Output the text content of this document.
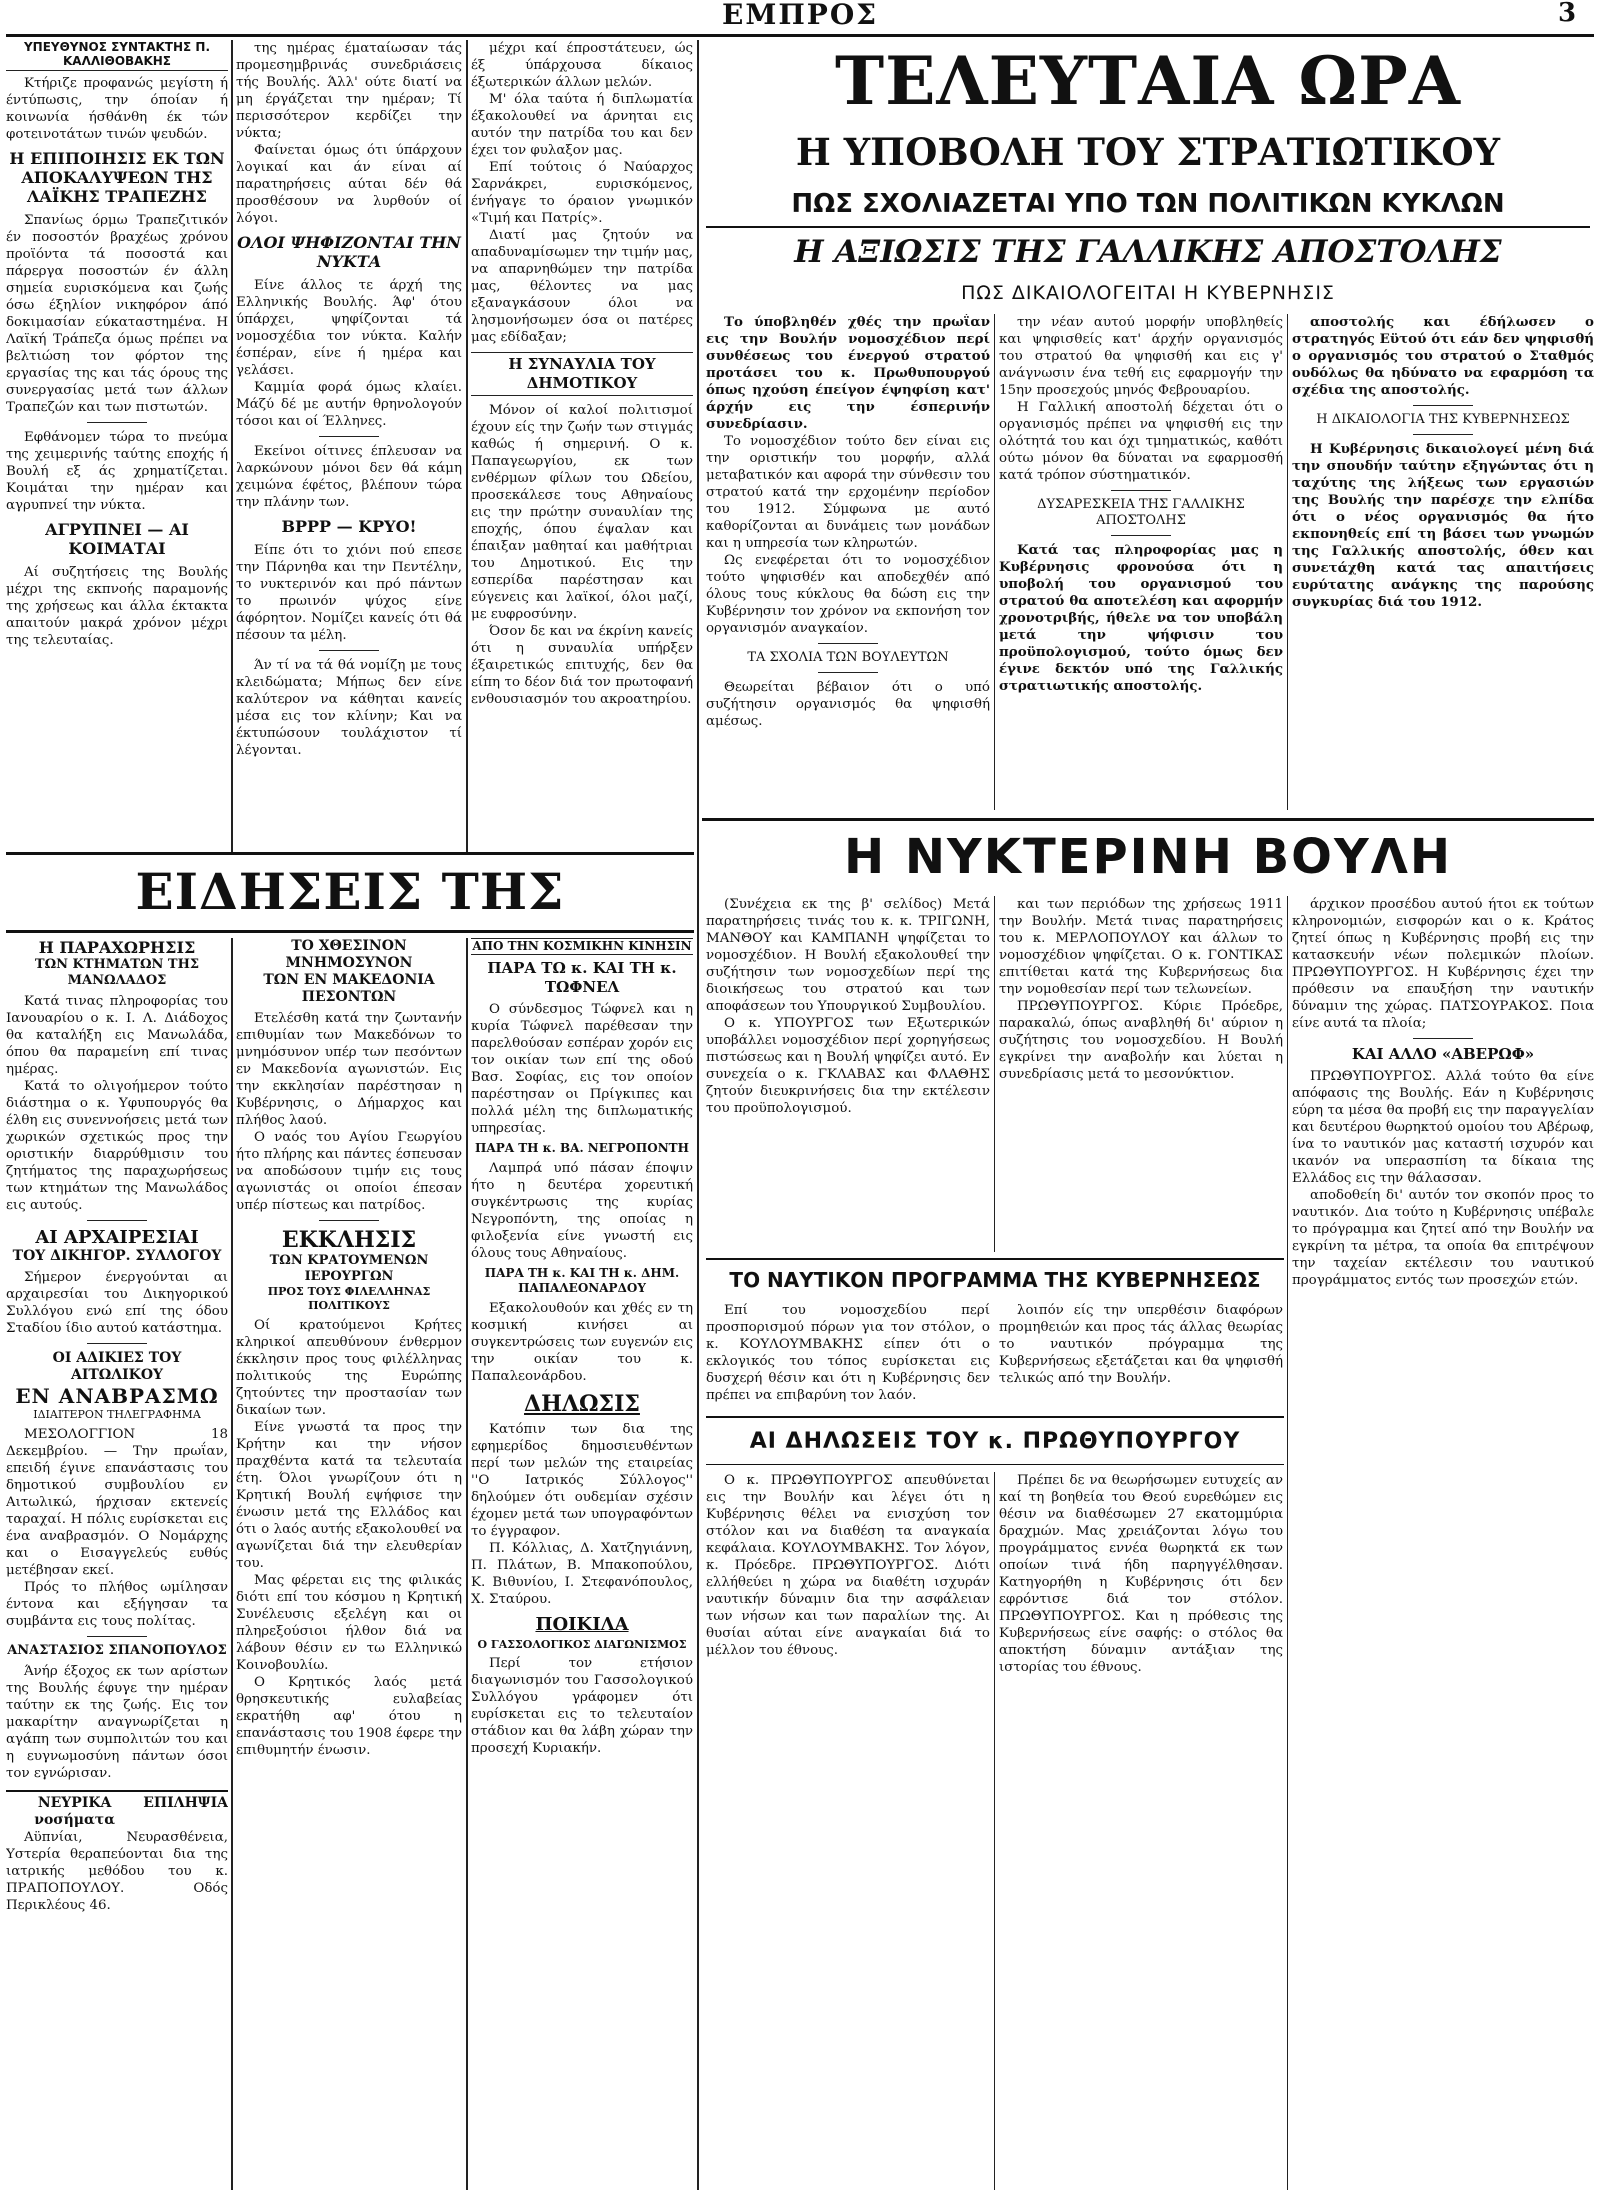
ΕΜΠΡΟΣ	3
ΥΠΕΥΘΥΝΟΣ ΣΥΝΤΑΚΤΗΣ Π. ΚΑΛΛΙΘΟΒΑΚΗΣ

Κτήριζε προφανώς μεγίστη ή έντύπωσις, την όποίαν ή κοινωνία ήσθάνθη έκ τών φοτεινοτάτων τινών ψευδών.

Η ΕΠΙΠΟΙΗΣΙΣ ΕΚ ΤΩΝ ΑΠΟΚΑΛΥΨΕΩΝ ΤΗΣ ΛΑΪΚΗΣ ΤΡΑΠΕΖΗΣ

Σπανίως όρμω Τραπεζιτικόν έν ποσοστόν βραχέως χρόνου προϊόντα τά ποσοστά και πάρεργα ποσοστών έν άλλη σημεία ευρισκόμενα και ζωής όσω έξηλίον νικηφόρον άπό δοκιμασίαν εύκαταστημένα. Η Λαϊκή Τράπεζα όμως πρέπει να βελτιώση τον φόρτον της εργασίας της και τάς όρους της συνεργασίας μετά των άλλων Τραπεζών και των πιστωτών.

Εφθάνομεν τώρα το πνεύμα της χειμερινής ταύτης εποχής ή Βουλή εξ άς χρηματίζεται. Κοιμάται την ημέραν και αγρυπνεί την νύκτα.

ΑΓΡΥΠΝΕΙ — ΑΙ ΚΟΙΜΑΤΑΙ

Αί συζητήσεις της Βουλής μέχρι της εκπνοής παραμονής της χρήσεως και άλλα έκτακτα απαιτούν μακρά χρόνον μέχρι της τελευταίας.

της ημέρας έματαίωσαν τάς προμεσημβρινάς συνεδριάσεις τής Βουλής. Άλλ' ούτε διατί να μη έργάζεται την ημέραν; Τί περισσότερον κερδίζει την νύκτα;

Φαίνεται όμως ότι ύπάρχουν λογικαί και άν είναι αί παρατηρήσεις αύται δέν θά προσθέσουν να λυρθούν οί λόγοι.

ΟΛΟΙ ΨΗΦΙΖΟΝΤΑΙ ΤΗΝ ΝΥΚΤΑ

Είνε άλλος τε άρχή της Ελληνικής Βουλής. Άφ' ότου ύπάρχει, ψηφίζονται τά νομοσχέδια τον νύκτα. Καλήν έσπέραν, είνε ή ημέρα και γελάσει.

Καμμία φορά όμως κλαίει. Μάζύ δέ με αυτήν θρηνολογούν τόσοι και οί Έλληνες.

Εκείνοι οίτινες έπλευσαν να λαρκώνουν μόνοι δεν θά κάμη χειμώνα έφέτος, βλέπουν τώρα την πλάνην των.

ΒΡΡΡ — ΚΡΥΟ!

Είπε ότι το χιόνι πού επεσε την Πάρνηθα και την Πεντέλην, το νυκτερινόν και πρό πάντων το πρωινόν ψύχος είνε άφόρητον. Νομίζει κανείς ότι θά πέσουν τα μέλη.

Άν τί να τά θά νομίζη με τους κλειδώματα; Μήπως δεν είνε καλύτερον να κάθηται κανείς μέσα εις τον κλίνην; Και να έκτυπώσουν τουλάχιστον τί λέγονται.

μέχρι καί έπροστάτευεν, ώς έξ ύπάρχουσα δίκαιος έξωτερικών άλλων μελών.

Μ' όλα ταύτα ή διπλωματία έξακολουθεί να άρνηται εις αυτόν την πατρίδα του και δεν έχει τον φυλαξον μας.

Επί τούτοις ό Ναύαρχος Σαρνάκρει, ευρισκόμενος, ένήγαγε το όραιον γνωμικόν «Τιμή και Πατρίς».

Διατί μας ζητούν να απαδυναμίσωμεν την τιμήν μας, να απαρνηθώμεν την πατρίδα μας, θέλοντες να μας εξαναγκάσουν όλοι να λησμονήσωμεν όσα οι πατέρες μας εδίδαξαν;

Η ΣΥΝΑΥΛΙΑ ΤΟΥ ΔΗΜΟΤΙΚΟΥ

Μόνον οί καλοί πολιτισμοί έχουν είς την ζωήν των στιγμάς καθώς ή σημερινή. Ο κ. Παπαγεωργίου, εκ των ενθέρμων φίλων του Ωδείου, προσεκάλεσε τους Αθηναίους εις την πρώτην συναυλίαν της εποχής, όπου έψαλαν και έπαιξαν μαθηταί και μαθήτριαι του Δημοτικού. Εις την εσπερίδα παρέστησαν και εύγενεις και λαϊκοί, όλοι μαζί, με ευφροσύνην.

Όσον δε και να έκρίνη κανείς ότι η συναυλία υπήρξεν έξαιρετικώς επιτυχής, δεν θα είπη το δέον διά τον πρωτοφανή ενθουσιασμόν του ακροατηρίου.

ΕΙΔΗΣΕΙΣ ΤΗΣ
Η ΠΑΡΑΧΩΡΗΣΙΣ
ΤΩΝ ΚΤΗΜΑΤΩΝ ΤΗΣ ΜΑΝΩΛΑΔΟΣ

Κατά τινας πληροφορίας του Ιανουαρίου ο κ. Ι. Λ. Διάδοχος θα καταλήξη εις Μανωλάδα, όπου θα παραμείνη επί τινας ημέρας.

Κατά το ολιγοήμερον τούτο διάστημα ο κ. Υφυπουργός θα έλθη εις συνεννοήσεις μετά των χωρικών σχετικώς προς την οριστικήν διαρρύθμισιν του ζητήματος της παραχωρήσεως των κτημάτων της Μανωλάδος εις αυτούς.

ΑΙ ΑΡΧΑΙΡΕΣΙΑΙ
ΤΟΥ ΔΙΚΗΓΟΡ. ΣΥΛΛΟΓΟΥ

Σήμερον ένεργούνται αι αρχαιρεσίαι του Δικηγορικού Συλλόγου ενώ επί της όδου Σταδίου ίδιο αυτού κατάστημα.

ΟΙ ΑΔΙΚΙΕΣ ΤΟΥ ΑΙΤΩΛΙΚΟΥ
ΕΝ ΑΝΑΒΡΑΣΜΩ
ΙΔΙΑΙΤΕΡΟΝ ΤΗΛΕΓΡΑΦΗΜΑ

ΜΕΣΟΛΟΓΓΙΟΝ 18 Δεκεμβρίου. — Την πρωΐαν, επειδή έγινε επανάστασις του δημοτικού συμβουλίου εν Αιτωλικώ, ήρχισαν εκτενείς ταραχαί. Η πόλις ευρίσκεται εις ένα αναβρασμόν. Ο Νομάρχης και ο Εισαγγελεύς ευθύς μετέβησαν εκεί.

Πρός το πλήθος ωμίλησαν έντονα και εξήγησαν τα συμβάντα εις τους πολίτας.

ΑΝΑΣΤΑΣΙΟΣ ΣΠΑΝΟΠΟΥΛΟΣ

Άνήρ έξοχος εκ των αρίστων της Βουλής έφυγε την ημέραν ταύτην εκ της ζωής. Εις τον μακαρίτην αναγνωρίζεται η αγάπη των συμπολιτών του και η ευγνωμοσύνη πάντων όσοι τον εγνώρισαν.

ΝΕΥΡΙΚΑ νοσήματα
ΕΠΙΛΗΨΙΑ

Αϋπνίαι, Νευρασθένεια, Υστερία θεραπεύονται δια της ιατρικής μεθόδου του κ. ΠΡΑΠΟΠΟΥΛΟΥ. Οδός Περικλέους 46.

ΤΟ ΧΘΕΣΙΝΟΝ ΜΝΗΜΟΣΥΝΟΝ
ΤΩΝ ΕΝ ΜΑΚΕΔΟΝΙΑ ΠΕΣΟΝΤΩΝ

Ετελέσθη κατά την ζωντανήν επιθυμίαν των Μακεδόνων το μνημόσυνον υπέρ των πεσόντων εν Μακεδονία αγωνιστών. Εις την εκκλησίαν παρέστησαν η Κυβέρνησις, ο Δήμαρχος και πλήθος λαού.

Ο ναός του Αγίου Γεωργίου ήτο πλήρης και πάντες έσπευσαν να αποδώσουν τιμήν εις τους αγωνιστάς οι οποίοι έπεσαν υπέρ πίστεως και πατρίδος.

ΕΚΚΛΗΣΙΣ
ΤΩΝ ΚΡΑΤΟΥΜΕΝΩΝ ΙΕΡΟΥΡΓΩΝ
ΠΡΟΣ ΤΟΥΣ ΦΙΛΕΛΛΗΝΑΣ ΠΟΛΙΤΙΚΟΥΣ

Οί κρατούμενοι Κρήτες κληρικοί απευθύνουν ένθερμον έκκλησιν προς τους φιλέλληνας πολιτικούς της Ευρώπης ζητούντες την προστασίαν των δικαίων των.

Είνε γνωστά τα προς την Κρήτην και την νήσον πραχθέντα κατά τα τελευταία έτη. Όλοι γνωρίζουν ότι η Κρητική Βουλή εψήφισε την ένωσιν μετά της Ελλάδος και ότι ο λαός αυτής εξακολουθεί να αγωνίζεται διά την ελευθερίαν του.

Μας φέρεται εις της φιλικάς διότι επί του κόσμου η Κρητική Συνέλευσις εξελέγη και οι πληρεξούσιοι ήλθον διά να λάβουν θέσιν εν τω Ελληνικώ Κοινοβουλίω.

Ο Κρητικός λαός μετά θρησκευτικής ευλαβείας εκρατήθη αφ' ότου η επανάστασις του 1908 έφερε την επιθυμητήν ένωσιν.

ΑΠΟ ΤΗΝ ΚΟΣΜΙΚΗΝ ΚΙΝΗΣΙΝ
ΠΑΡΑ ΤΩ κ. ΚΑΙ ΤΗ κ. ΤΩΦΝΕΛ

Ο σύνδεσμος Τώφνελ και η κυρία Τώφνελ παρέθεσαν την παρελθούσαν εσπέραν χορόν εις τον οικίαν των επί της οδού Βασ. Σοφίας, εις τον οποίον παρέστησαν οι Πρίγκιπες και πολλά μέλη της διπλωματικής υπηρεσίας.

ΠΑΡΑ ΤΗ κ. ΒΑ. ΝΕΓΡΟΠΟΝΤΗ

Λαμπρά υπό πάσαν έποψιν ήτο η δευτέρα χορευτική συγκέντρωσις της κυρίας Νεγροπόντη, της οποίας η φιλοξενία είνε γνωστή εις όλους τους Αθηναίους.

ΠΑΡΑ ΤΗ κ. ΚΑΙ ΤΗ κ. ΔΗΜ. ΠΑΠΑΛΕΟΝΑΡΔΟΥ

Εξακολουθούν και χθές εν τη κοσμική κινήσει αι συγκεντρώσεις των ευγενών εις την οικίαν του κ. Παπαλεονάρδου.

ΔΗΛΩΣΙΣ

Κατόπιν των δια της εφημερίδος δημοσιευθέντων περί των μελών της εταιρείας ''Ο Ιατρικός Σύλλογος'' δηλούμεν ότι ουδεμίαν σχέσιν έχομεν μετά των υπογραφόντων το έγγραφον.

Π. Κόλλιας, Δ. Χατζηγιάννη, Π. Πλάτων, Β. Μπακοπούλου, Κ. Βιθυνίου, Ι. Στεφανόπουλος, Χ. Σταύρου.

ΠΟΙΚΙΛΑ
Ο ΓΑΣΣΟΛΟΓΙΚΟΣ ΔΙΑΓΩΝΙΣΜΟΣ

Περί τον ετήσιον διαγωνισμόν του Γασσολογικού Συλλόγου γράφομεν ότι ευρίσκεται εις το τελευταίον στάδιον και θα λάβη χώραν την προσεχή Κυριακήν.

ΤΕΛΕΥΤΑΙΑ ΩΡΑ
Η ΥΠΟΒΟΛΗ ΤΟΥ ΣΤΡΑΤΙΩΤΙΚΟΥ
ΠΩΣ ΣΧΟΛΙΑΖΕΤΑΙ ΥΠΟ ΤΩΝ ΠΟΛΙΤΙΚΩΝ ΚΥΚΛΩΝ
Η ΑΞΙΩΣΙΣ ΤΗΣ ΓΑΛΛΙΚΗΣ ΑΠΟΣΤΟΛΗΣ
ΠΩΣ ΔΙΚΑΙΟΛΟΓΕΙΤΑΙ Η ΚΥΒΕΡΝΗΣΙΣ

Το ύποβληθέν χθές την πρωΐαν εις την Βουλήν νομοσχέδιον περί συνθέσεως του ένεργού στρατού προτάσει του κ. Πρωθυπουργού όπως ηχούση έπείγον έψηφίση κατ' άρχήν εις την έσπερινήν συνεδρίασιν.

Το νομοσχέδιον τούτο δεν είναι εις την οριστικήν του μορφήν, αλλά μεταβατικόν και αφορά την σύνθεσιν του στρατού κατά την ερχομένην περίοδον του 1912. Σύμφωνα με αυτό καθορίζονται αι δυνάμεις των μονάδων και η υπηρεσία των κληρωτών.

Ως ενεφέρεται ότι το νομοσχέδιον τούτο ψηφισθέν και αποδεχθέν από όλους τους κύκλους θα δώση εις την Κυβέρνησιν τον χρόνον να εκπονήση τον οργανισμόν αναγκαίον.

ΤΑ ΣΧΟΛΙΑ ΤΩΝ ΒΟΥΛΕΥΤΩΝ

Θεωρείται βέβαιον ότι ο υπό συζήτησιν οργανισμός θα ψηφισθή αμέσως.

την νέαν αυτού μορφήν υποβληθείς και ψηφισθείς κατ' άρχήν οργανισμός του στρατού θα ψηφισθή και εις γ' ανάγνωσιν ένα τεθή εις εφαρμογήν την 15ην προσεχούς μηνός Φεβρουαρίου.

Η Γαλλική αποστολή δέχεται ότι ο οργανισμός πρέπει να ψηφισθή εις την ολότητά του και όχι τμηματικώς, καθότι ούτω μόνον θα δύναται να εφαρμοσθή κατά τρόπον σύστηματικόν.

ΔΥΣΑΡΕΣΚΕΙΑ ΤΗΣ ΓΑΛΛΙΚΗΣ ΑΠΟΣΤΟΛΗΣ

Κατά τας πληροφορίας μας η Κυβέρνησις φρονούσα ότι η υποβολή του οργανισμού του στρατού θα αποτελέση και αφορμήν χρονοτριβής, ήθελε να τον υποβάλη μετά την ψήφισιν του προϋπολογισμού, τούτο όμως δεν έγινε δεκτόν υπό της Γαλλικής στρατιωτικής αποστολής.

αποστολής και έδήλωσεν ο στρατηγός Εϋτού ότι εάν δεν ψηφισθή ο οργανισμός του στρατού ο Σταθμός ουδόλως θα ηδύνατο να εφαρμόση τα σχέδια της αποστολής.

Η ΔΙΚΑΙΟΛΟΓΙΑ ΤΗΣ ΚΥΒΕΡΝΗΣΕΩΣ

Η Κυβέρνησις δικαιολογεί μένη διά την σπουδήν ταύτην εξηγώντας ότι η ταχύτης της λήξεως των εργασιών της Βουλής την παρέσχε την ελπίδα ότι ο νέος οργανισμός θα ήτο εκπονηθείς επί τη βάσει των γνωμών της Γαλλικής αποστολής, όθεν και συνετάχθη κατά τας απαιτήσεις ευρύτατης ανάγκης της παρούσης συγκυρίας διά του 1912.

Η ΝΥΚΤΕΡΙΝΗ ΒΟΥΛΗ

(Συνέχεια εκ της β' σελίδος) Μετά παρατηρήσεις τινάς του κ. κ. ΤΡΙΓΩΝΗ, ΜΑΝΘΟΥ και ΚΑΜΠΑΝΗ ψηφίζεται το νομοσχέδιον. Η Βουλή εξακολουθεί την συζήτησιν των νομοσχεδίων περί της διοικήσεως του στρατού και των αποφάσεων του Υπουργικού Συμβουλίου.

Ο κ. ΥΠΟΥΡΓΟΣ των Εξωτερικών υποβάλλει νομοσχέδιον περί χορηγήσεως πιστώσεως και η Βουλή ψηφίζει αυτό. Εν συνεχεία ο κ. ΓΚΛΑΒΑΣ και ΦΛΑΘΗΣ ζητούν διευκρινήσεις δια την εκτέλεσιν του προϋπολογισμού.

και των περιόδων της χρήσεως 1911 την Βουλήν. Μετά τινας παρατηρήσεις του κ. ΜΕΡΛΟΠΟΥΛΟΥ και άλλων το νομοσχέδιον ψηφίζεται. Ο κ. ΓΟΝΤΙΚΑΣ επιτίθεται κατά της Κυβερνήσεως δια την νομοθεσίαν περί των τελωνείων.

ΠΡΩΘΥΠΟΥΡΓΟΣ. Κύριε Πρόεδρε, παρακαλώ, όπως αναβληθή δι' αύριον η συζήτησις του νομοσχεδίου. Η Βουλή εγκρίνει την αναβολήν και λύεται η συνεδρίασις μετά το μεσονύκτιον.

άρχικον προσέδου αυτού ήτοι εκ τούτων κληρονομιών, εισφορών και ο κ. Κράτος ζητεί όπως η Κυβέρνησις προβή εις την κατασκευήν νέων πολεμικών πλοίων. ΠΡΩΘΥΠΟΥΡΓΟΣ. Η Κυβέρνησις έχει την πρόθεσιν να επαυξήση την ναυτικήν δύναμιν της χώρας. ΠΑΤΣΟΥΡΑΚΟΣ. Ποια είνε αυτά τα πλοία;

ΚΑΙ ΑΛΛΟ «ΑΒΕΡΩΦ»

ΠΡΩΘΥΠΟΥΡΓΟΣ. Αλλά τούτο θα είνε απόφασις της Βουλής. Εάν η Κυβέρνησις εύρη τα μέσα θα προβή εις την παραγγελίαν και δευτέρου θωρηκτού ομοίου του Αβέρωφ, ίνα το ναυτικόν μας καταστή ισχυρόν και ικανόν να υπερασπίση τα δίκαια της Ελλάδος εις την θάλασσαν.

αποδοθείη δι' αυτόν τον σκοπόν προς το ναυτικόν. Δια τούτο η Κυβέρνησις υπέβαλε το πρόγραμμα και ζητεί από την Βουλήν να εγκρίνη τα μέτρα, τα οποία θα επιτρέψουν την ταχείαν εκτέλεσιν του ναυτικού προγράμματος εντός των προσεχών ετών.

ΤΟ ΝΑΥΤΙΚΟΝ ΠΡΟΓΡΑΜΜΑ ΤΗΣ ΚΥΒΕΡΝΗΣΕΩΣ

Επί του νομοσχεδίου περί προσπορισμού πόρων για τον στόλον, ο κ. ΚΟΥΛΟΥΜΒΑΚΗΣ είπεν ότι ο εκλογικός του τόπος ευρίσκεται εις δυσχερή θέσιν και ότι η Κυβέρνησις δεν πρέπει να επιβαρύνη τον λαόν.

λοιπόν είς την υπερθέσιν διαφόρων προμηθειών και προς τάς άλλας θεωρίας το ναυτικόν πρόγραμμα της Κυβερνήσεως εξετάζεται και θα ψηφισθή τελικώς από την Βουλήν.

ΑΙ ΔΗΛΩΣΕΙΣ ΤΟΥ κ. ΠΡΩΘΥΠΟΥΡΓΟΥ

Ο κ. ΠΡΩΘΥΠΟΥΡΓΟΣ απευθύνεται εις την Βουλήν και λέγει ότι η Κυβέρνησις θέλει να ενισχύση τον στόλον και να διαθέση τα αναγκαία κεφάλαια. ΚΟΥΛΟΥΜΒΑΚΗΣ. Τον λόγον, κ. Πρόεδρε. ΠΡΩΘΥΠΟΥΡΓΟΣ. Διότι ελλήθεύει η χώρα να διαθέτη ισχυράν ναυτικήν δύναμιν δια την ασφάλειαν των νήσων και των παραλίων της. Αι θυσίαι αύται είνε αναγκαίαι διά το μέλλον του έθνους.

Πρέπει δε να θεωρήσωμεν ευτυχείς αν καί τη βοηθεία του Θεού ευρεθώμεν εις θέσιν να διαθέσωμεν 27 εκατομμύρια δραχμών. Μας χρειάζονται λόγω του προγράμματος εννέα θωρηκτά εκ των οποίων τινά ήδη παρηγγέλθησαν. Κατηγορήθη η Κυβέρνησις ότι δεν εφρόντισε διά τον στόλον. ΠΡΩΘΥΠΟΥΡΓΟΣ. Και η πρόθεσις της Κυβερνήσεως είνε σαφής: ο στόλος θα αποκτήση δύναμιν αντάξιαν της ιστορίας του έθνους.
